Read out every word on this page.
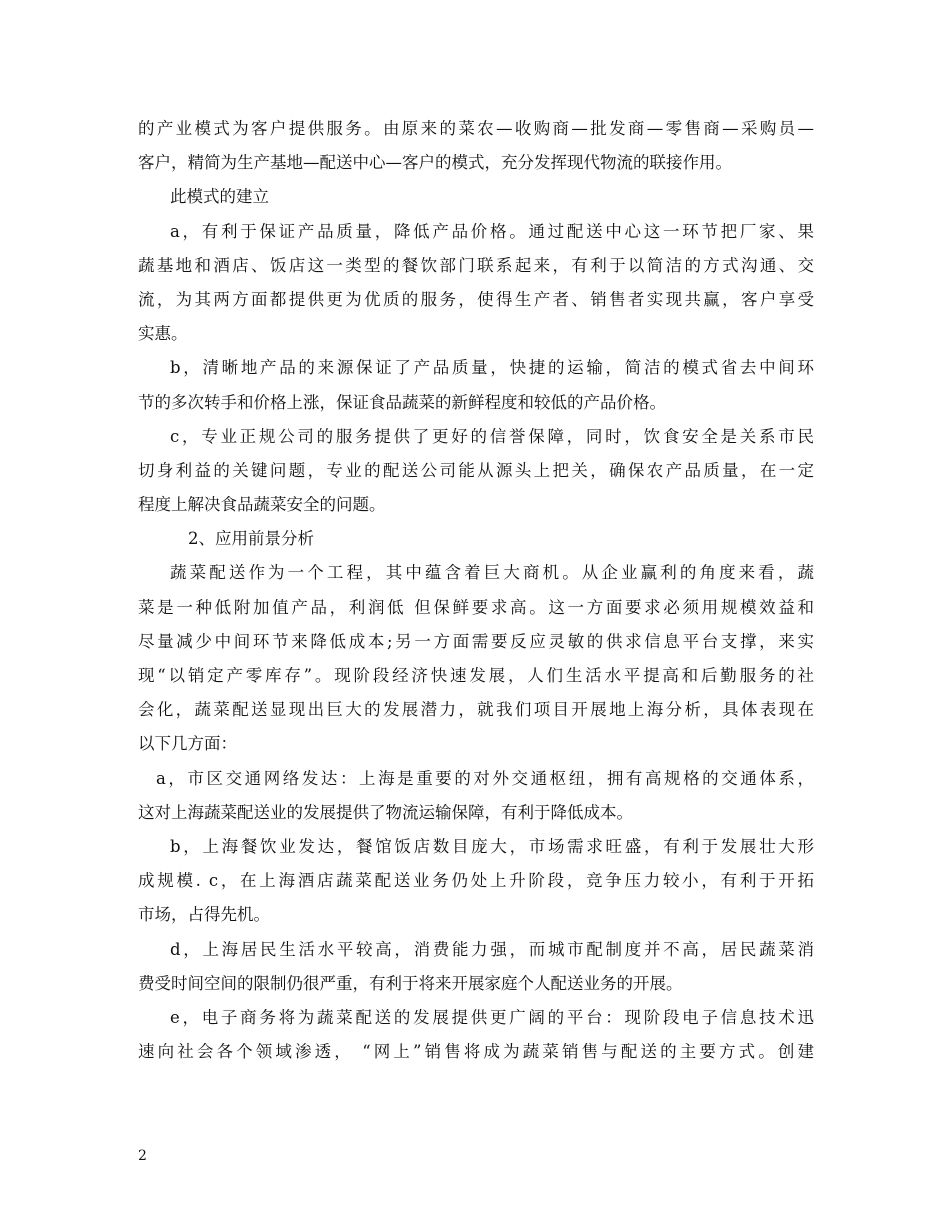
的产业模式为客户提供服务。由原来的菜农—收购商—批发商—零售商—采购员—
客户，精简为生产基地—配送中心—客户的模式，充分发挥现代物流的联接作用。
此模式的建立
a，有利于保证产品质量，降低产品价格。通过配送中心这一环节把厂家、果
蔬基地和酒店、饭店这一类型的餐饮部门联系起来，有利于以简洁的方式沟通、交
流，为其两方面都提供更为优质的服务，使得生产者、销售者实现共赢，客户享受
实惠。
b，清晰地产品的来源保证了产品质量，快捷的运输，简洁的模式省去中间环
节的多次转手和价格上涨，保证食品蔬菜的新鲜程度和较低的产品价格。
c，专业正规公司的服务提供了更好的信誉保障，同时，饮食安全是关系市民
切身利益的关键问题，专业的配送公司能从源头上把关，确保农产品质量，在一定
程度上解决食品蔬菜安全的问题。
2、应用前景分析
蔬菜配送作为一个工程，其中蕴含着巨大商机。从企业赢利的角度来看，蔬
菜是一种低附加值产品，利润低 但保鲜要求高。这一方面要求必须用规模效益和
尽量减少中间环节来降低成本;另一方面需要反应灵敏的供求信息平台支撑，来实
现“以销定产零库存”。现阶段经济快速发展，人们生活水平提高和后勤服务的社
会化，蔬菜配送显现出巨大的发展潜力，就我们项目开展地上海分析，具体表现在
以下几方面：
a，市区交通网络发达：上海是重要的对外交通枢纽，拥有高规格的交通体系，
这对上海蔬菜配送业的发展提供了物流运输保障，有利于降低成本。
b，上海餐饮业发达，餐馆饭店数目庞大，市场需求旺盛，有利于发展壮大形
成规模. c，在上海酒店蔬菜配送业务仍处上升阶段，竞争压力较小，有利于开拓
市场，占得先机。
d，上海居民生活水平较高，消费能力强，而城市配制度并不高，居民蔬菜消
费受时间空间的限制仍很严重，有利于将来开展家庭个人配送业务的开展。
e，电子商务将为蔬菜配送的发展提供更广阔的平台：现阶段电子信息技术迅
速向社会各个领域渗透， “网上”销售将成为蔬菜销售与配送的主要方式。创建
2
